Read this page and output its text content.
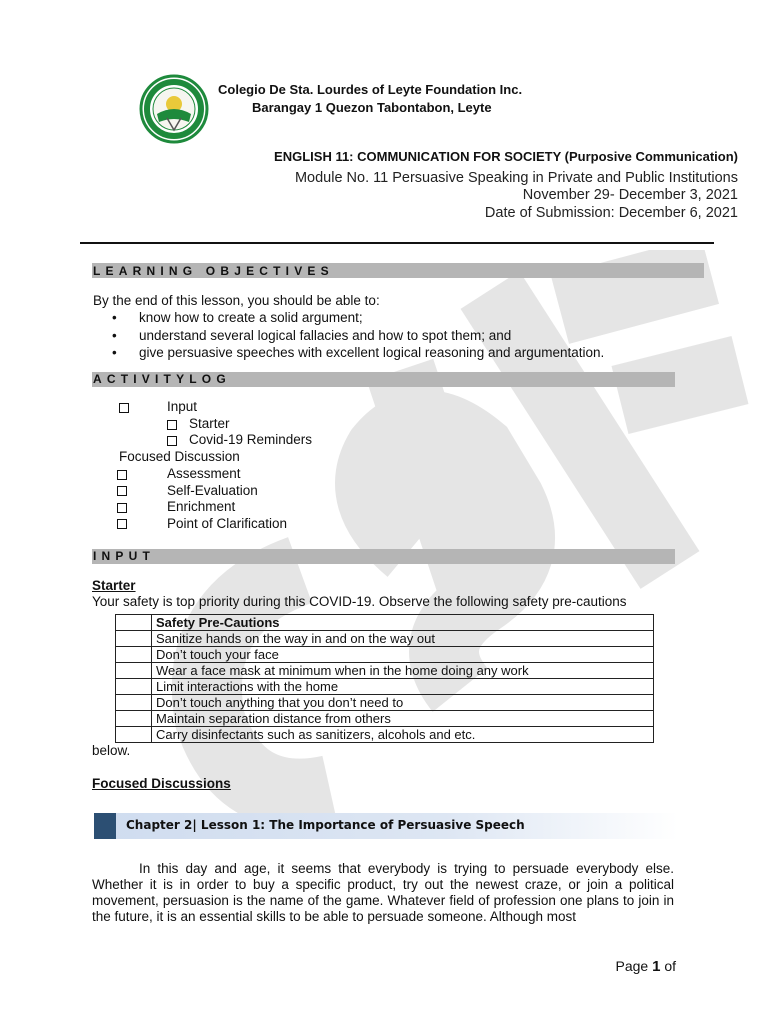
Colegio De Sta. Lourdes of Leyte Foundation Inc.
Barangay 1 Quezon Tabontabon, Leyte
ENGLISH 11: COMMUNICATION FOR SOCIETY (Purposive Communication)
Module No. 11 Persuasive Speaking in Private and Public Institutions
November 29- December 3, 2021
Date of Submission: December 6, 2021
LEARNING OBJECTIVES
By the end of this lesson, you should be able to:
• know how to create a solid argument;
• understand several logical fallacies and how to spot them; and
• give persuasive speeches with excellent logical reasoning and argumentation.
ACTIVITYLOG
Input
Starter
Covid-19 Reminders
Focused Discussion
Assessment
Self-Evaluation
Enrichment
Point of Clarification
INPUT
Starter
Your safety is top priority during this COVID-19. Observe the following safety pre-cautions
	Safety Pre-Cautions
	Sanitize hands on the way in and on the way out
	Don’t touch your face
	Wear a face mask at minimum when in the home doing any work
	Limit interactions with the home
	Don’t touch anything that you don’t need to
	Maintain separation distance from others
	Carry disinfectants such as sanitizers, alcohols and etc.
below.
Focused Discussions
Chapter 2| Lesson 1: The Importance of Persuasive Speech
In this day and age, it seems that everybody is trying to persuade everybody else. Whether it is in order to buy a specific product, try out the newest craze, or join a political movement, persuasion is the name of the game. Whatever field of profession one plans to join in the future, it is an essential skills to be able to persuade someone. Although most
Page 1 of
